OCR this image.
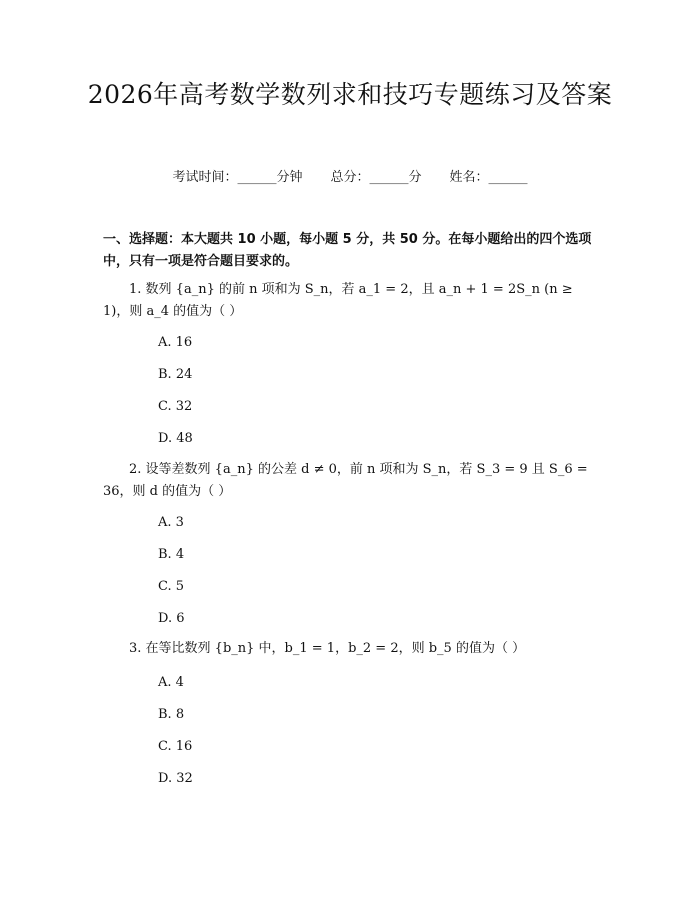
2026年高考数学数列求和技巧专题练习及答案
考试时间：______分钟 总分：______分 姓名：______
一、选择题：本大题共 10 小题，每小题 5 分，共 50 分。在每小题给出的四个选项中，只有一项是符合题目要求的。
1. 数列 {a_n} 的前 n 项和为 S_n，若 a_1 = 2，且 a_n + 1 = 2S_n (n ≥ 1)，则 a_4 的值为（ ）
A. 16
B. 24
C. 32
D. 48
2. 设等差数列 {a_n} 的公差 d ≠ 0，前 n 项和为 S_n，若 S_3 = 9 且 S_6 = 36，则 d 的值为（ ）
A. 3
B. 4
C. 5
D. 6
3. 在等比数列 {b_n} 中，b_1 = 1，b_2 = 2，则 b_5 的值为（ ）
A. 4
B. 8
C. 16
D. 32
